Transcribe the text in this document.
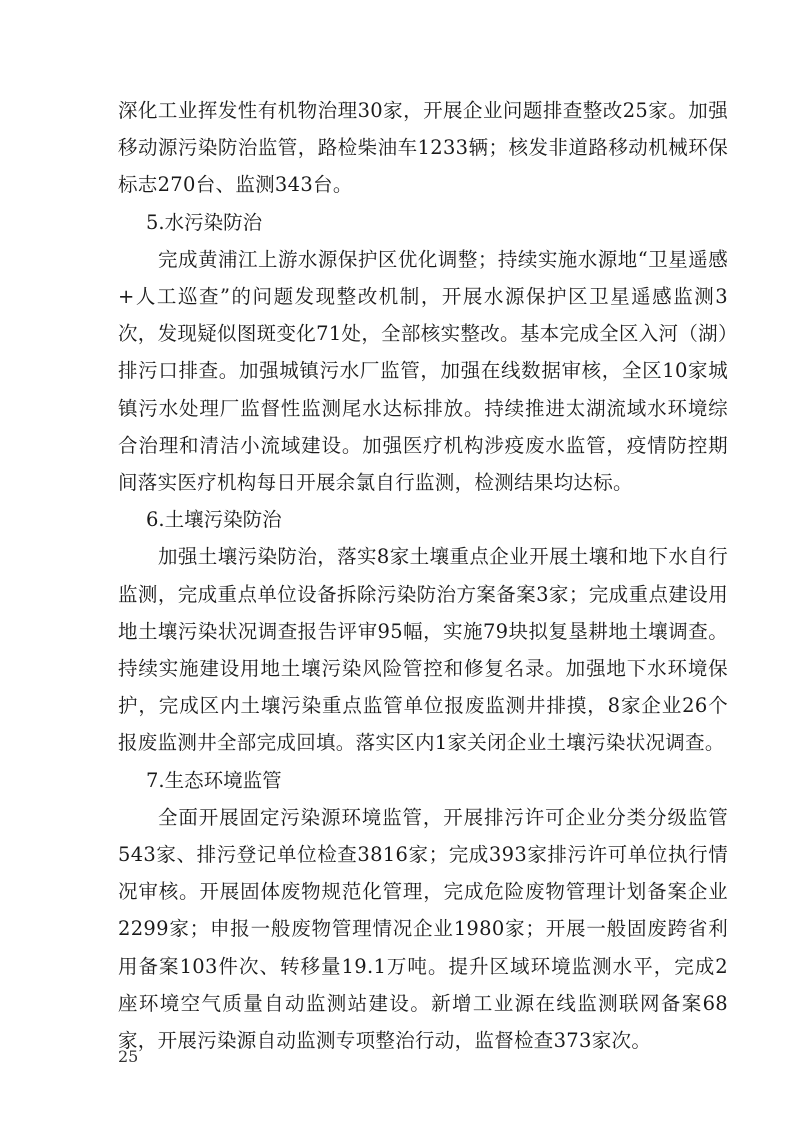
深化工业挥发性有机物治理30家，开展企业问题排查整改25家。加强移动源污染防治监管，路检柴油车1233辆；核发非道路移动机械环保标志270台、监测343台。

5.水污染防治

完成黄浦江上游水源保护区优化调整；持续实施水源地“卫星遥感+人工巡查”的问题发现整改机制，开展水源保护区卫星遥感监测3次，发现疑似图斑变化71处，全部核实整改。基本完成全区入河（湖）排污口排查。加强城镇污水厂监管，加强在线数据审核，全区10家城镇污水处理厂监督性监测尾水达标排放。持续推进太湖流域水环境综合治理和清洁小流域建设。加强医疗机构涉疫废水监管，疫情防控期间落实医疗机构每日开展余氯自行监测，检测结果均达标。

6.土壤污染防治

加强土壤污染防治，落实8家土壤重点企业开展土壤和地下水自行监测，完成重点单位设备拆除污染防治方案备案3家；完成重点建设用地土壤污染状况调查报告评审95幅，实施79块拟复垦耕地土壤调查。持续实施建设用地土壤污染风险管控和修复名录。加强地下水环境保护，完成区内土壤污染重点监管单位报废监测井排摸，8家企业26个报废监测井全部完成回填。落实区内1家关闭企业土壤污染状况调查。

7.生态环境监管

全面开展固定污染源环境监管，开展排污许可企业分类分级监管543家、排污登记单位检查3816家；完成393家排污许可单位执行情况审核。开展固体废物规范化管理，完成危险废物管理计划备案企业2299家；申报一般废物管理情况企业1980家；开展一般固废跨省利用备案103件次、转移量19.1万吨。提升区域环境监测水平，完成2座环境空气质量自动监测站建设。新增工业源在线监测联网备案68家，开展污染源自动监测专项整治行动，监督检查373家次。

25
